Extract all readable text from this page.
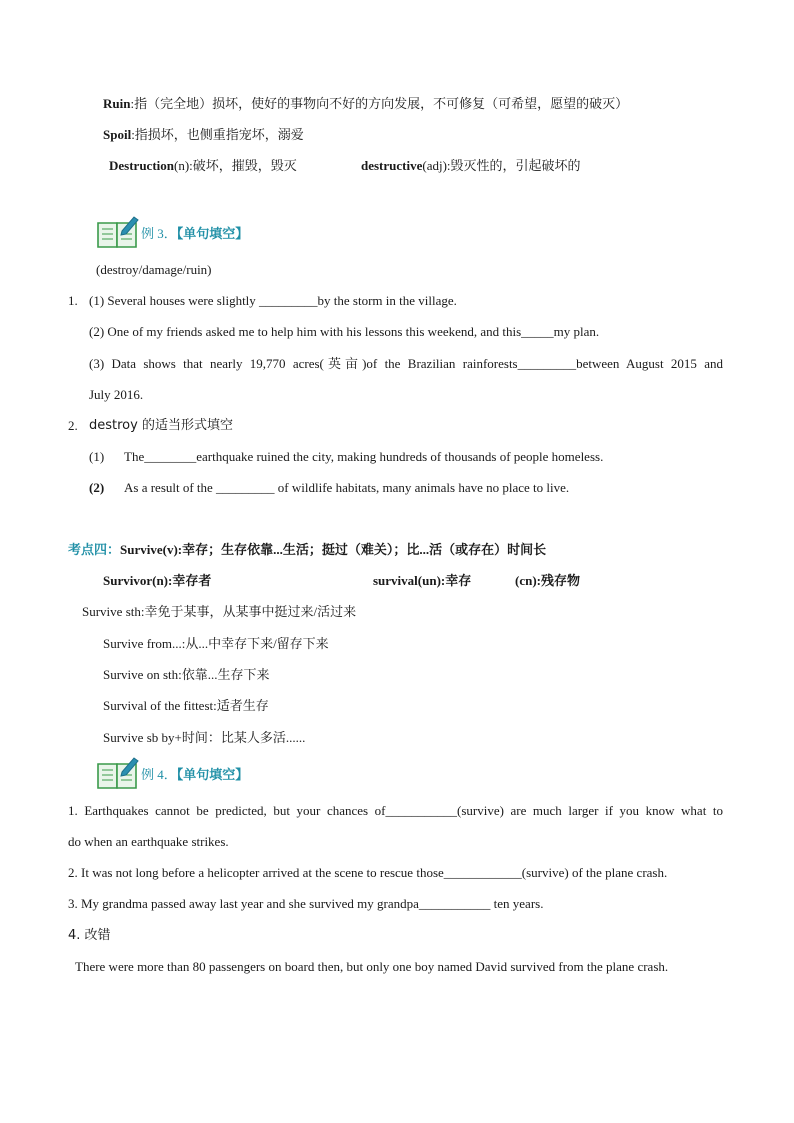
Ruin:指（完全地）损坏，使好的事物向不好的方向发展，不可修复（可希望，愿望的破灭）
Spoil:指损坏，也侧重指宠坏，溺爱
Destruction(n):破坏，摧毁，毁灭	destructive(adj):毁灭性的，引起破坏的
例 3．【单句填空】
(destroy/damage/ruin)
1. (1) Several houses were slightly _________by the storm in the village.
(2) One of my friends asked me to help him with his lessons this weekend, and this_____my plan.
(3) Data shows that nearly 19,770 acres(英亩)of the Brazilian rainforests_________between August 2015 and
July 2016.
2. destroy 的适当形式填空
(1) The________earthquake ruined the city, making hundreds of thousands of people homeless.
(2) As a result of the _________ of wildlife habitats, many animals have no place to live.
考点四：Survive(v):幸存；生存依靠...生活；挺过（难关）；比...活（或存在）时间长
Survivor(n):幸存者	survival(un):幸存	(cn):残存物
Survive sth:幸免于某事，从某事中挺过来/活过来
Survive from...:从...中幸存下来/留存下来
Survive on sth:依靠...生存下来
Survival of the fittest:适者生存
Survive sb by+时间：比某人多活......
例 4．【单句填空】
1. Earthquakes cannot be predicted, but your chances of___________(survive) are much larger if you know what to
do when an earthquake strikes.
2. It was not long before a helicopter arrived at the scene to rescue those____________(survive) of the plane crash.
3. My grandma passed away last year and she survived my grandpa___________ ten years.
4. 改错
There were more than 80 passengers on board then, but only one boy named David survived from the plane crash.
